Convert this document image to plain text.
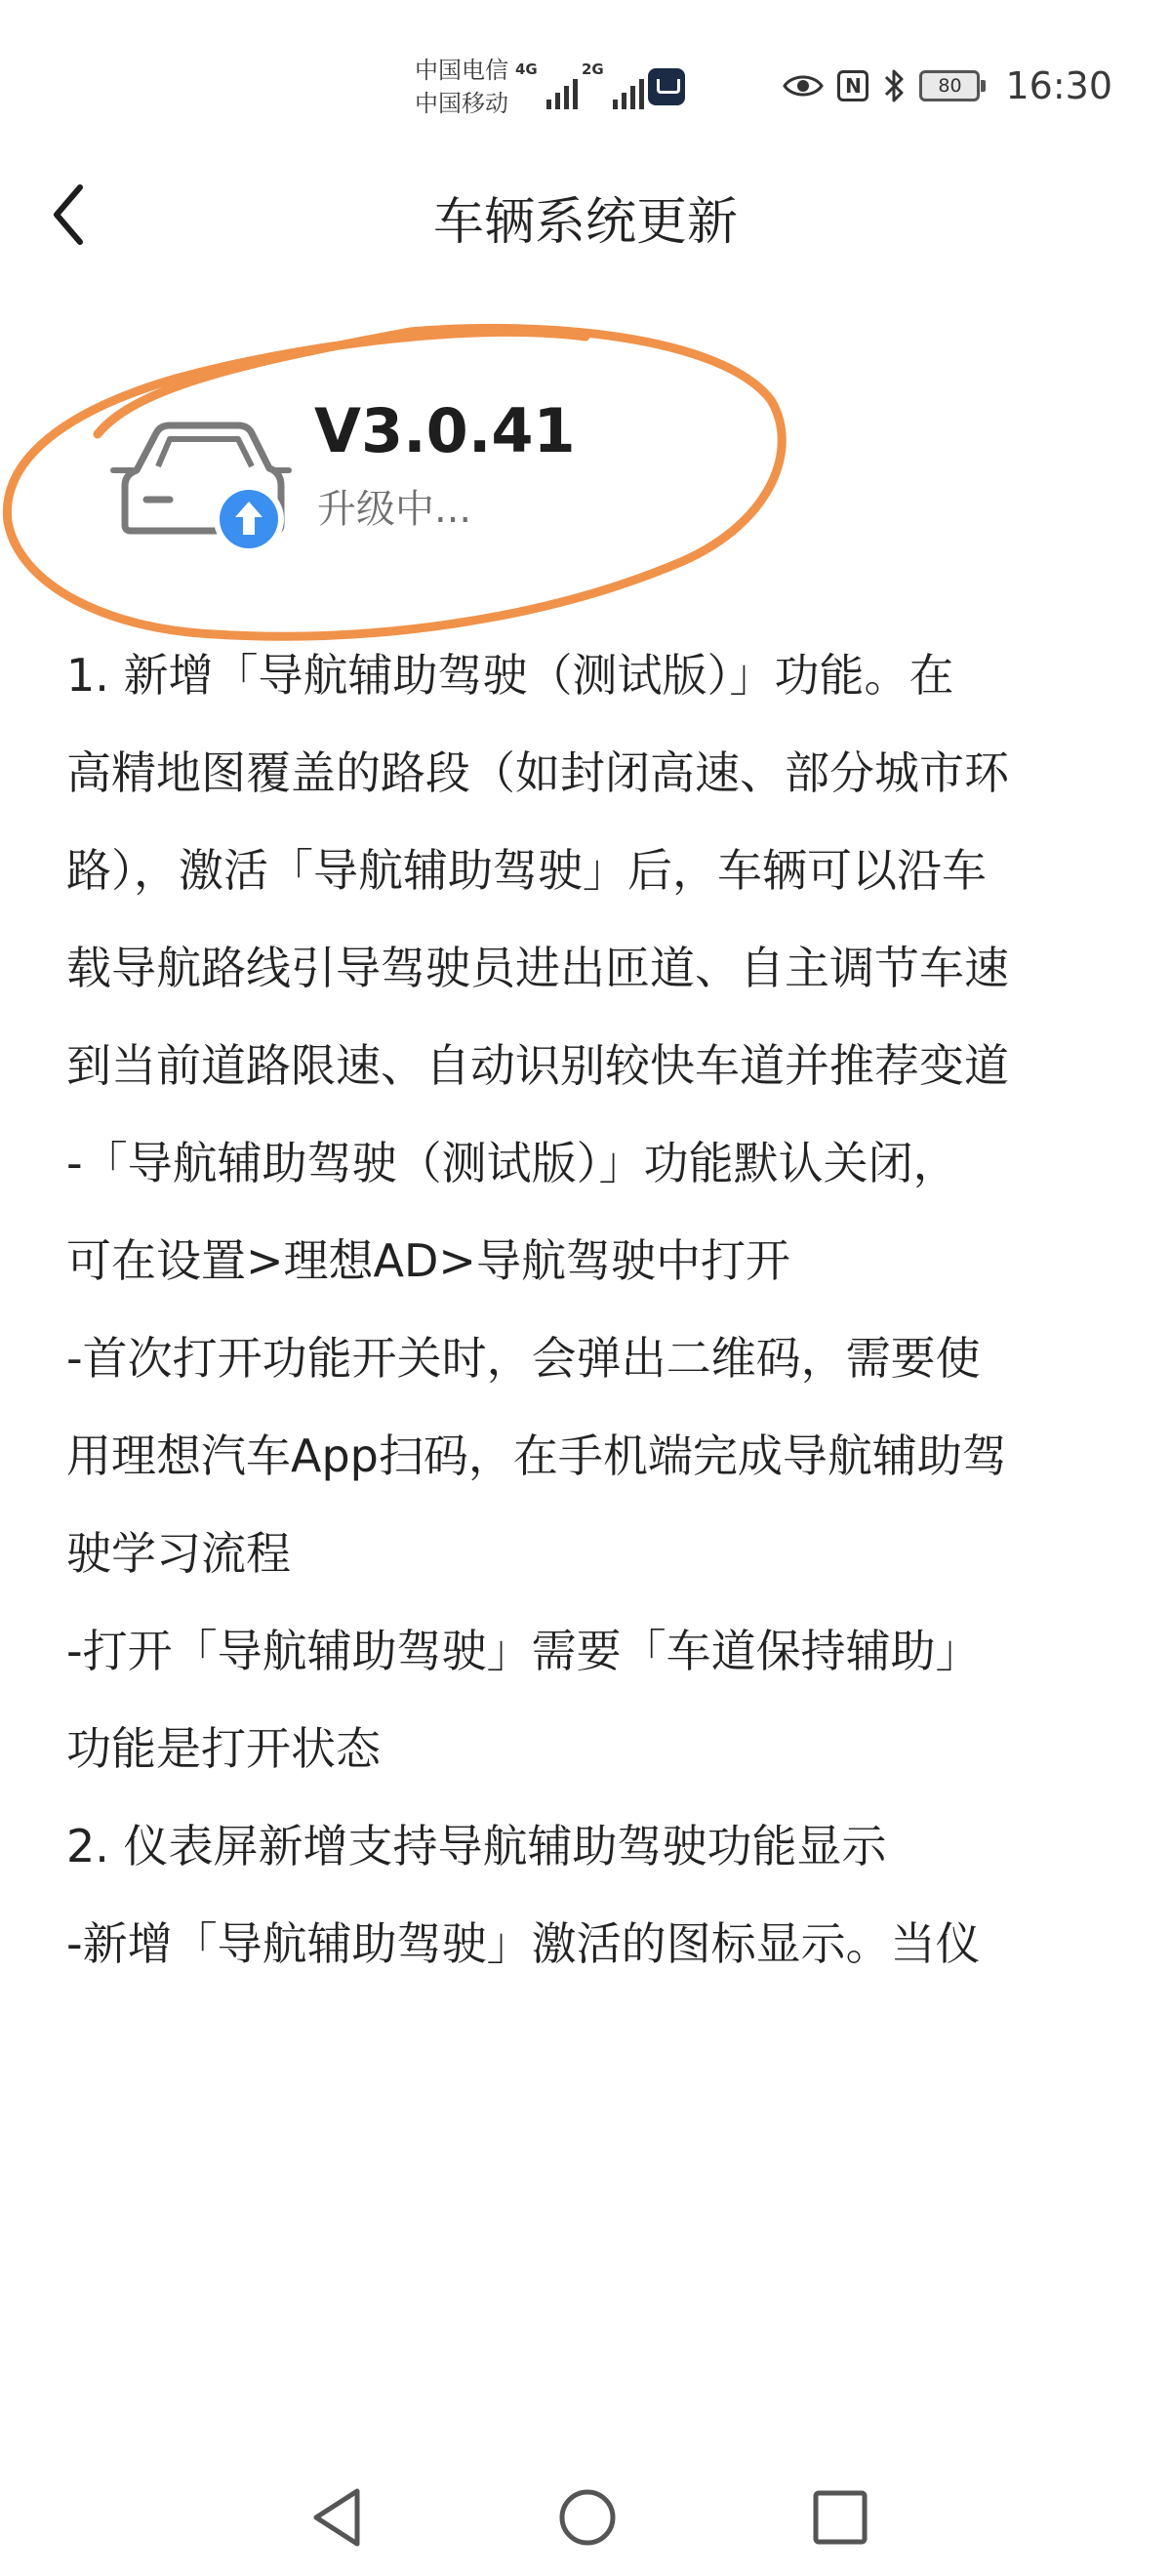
中国电信
中国移动
4G	2G
N	80	16:30
车辆系统更新
V3.0.41
升级中...
1. 新增「导航辅助驾驶（测试版）」功能。在
高精地图覆盖的路段（如封闭高速、部分城市环
路），激活「导航辅助驾驶」后，车辆可以沿车
载导航路线引导驾驶员进出匝道、自主调节车速
到当前道路限速、自动识别较快车道并推荐变道
-「导航辅助驾驶（测试版）」功能默认关闭，
可在设置>理想AD>导航驾驶中打开
-首次打开功能开关时，会弹出二维码，需要使
用理想汽车App扫码，在手机端完成导航辅助驾
驶学习流程
-打开「导航辅助驾驶」需要「车道保持辅助」
功能是打开状态
2. 仪表屏新增支持导航辅助驾驶功能显示
-新增「导航辅助驾驶」激活的图标显示。当仪
